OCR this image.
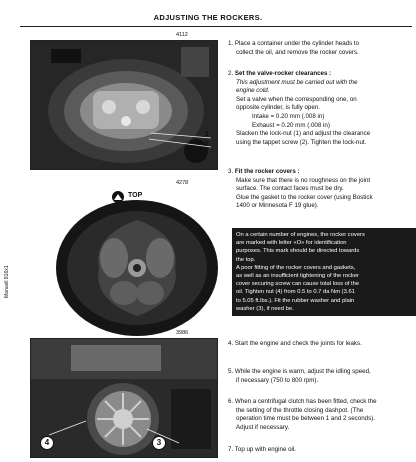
ADJUSTING THE ROCKERS.
Manuell 816x1
4112
1
2
4278
TOP
3986
4	3
1. Place a container under the cylinder heads to
collect the oil, and remove the rocker covers.
2. Set the valve-rocker clearances :
This adjustment must be carried out with the
engine cold.
Set a valve when the corresponding one, on
opposite cylinder, is fully open.
Intake = 0.20 mm (.008 in)
Exhaust = 0.20 mm (.008 in)
Slacken the lock-nut (1) and adjust the clearance
using the tappet screw (2). Tighten the lock-nut.
3. Fit the rocker covers :
Make sure that there is no roughness on the joint
surface. The contact faces must be dry.
Glue the gasket to the rocker cover (using Bostick
1400 or Minnesota F 19 glue).
On a certain number of engines, the rocker covers
are marked with letter «O» for identification
purposes. This mark should be directed towards
the top.
A poor fitting of the rocker covers and gaskets,
as well as an insufficient tightening of the rocker
cover securing screw can cause total loss of the
oil. Tighten nut (4) from 0.5 to 0.7 da Nm (3.61
to 5.05 ft.lbs.). Fit the rubber washer and plain
washer (3), if need be.
4. Start the engine and check the joints for leaks.
5. While the engine is warm, adjust the idling speed,
if necessary (750 to 800 rpm).
6. When a centrifugal clutch has been fitted, check the
the setting of the throttle closing dashpot. (The
operation time must be between 1 and 2 seconds).
Adjust if necessary.
7. Top up with engine oil.
